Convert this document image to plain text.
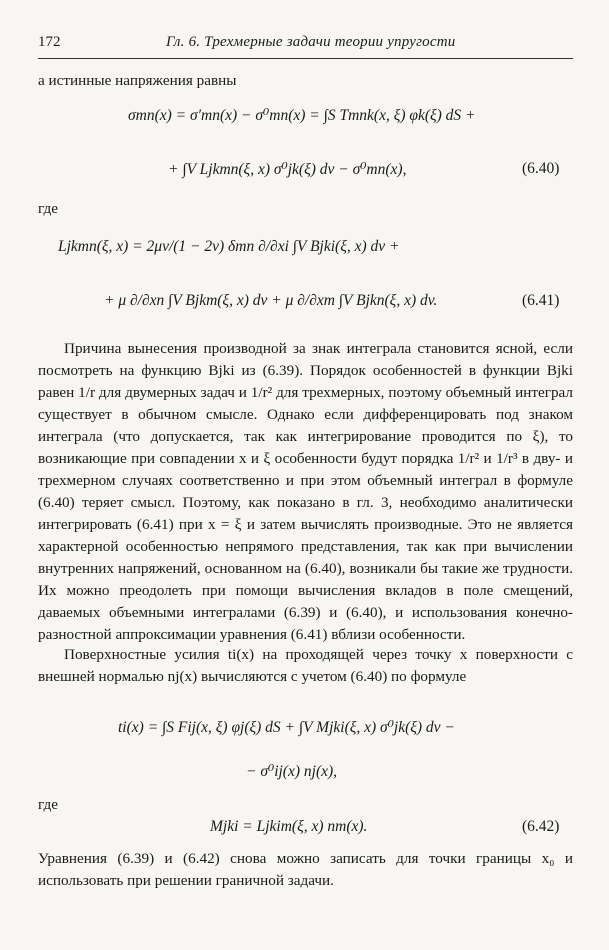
172	Гл. 6. Трехмерные задачи теории упругости
а истинные напряжения равны
σmn(x) = σ′mn(x) − σ⁰mn(x) = ∫S Tmnk(x, ξ) φk(ξ) dS +
+ ∫V Ljkmn(ξ, x) σ⁰jk(ξ) dv − σ⁰mn(x),	(6.40)
где
Ljkmn(ξ, x) = 2μν/(1 − 2ν) δmn ∂/∂xi ∫V Bjki(ξ, x) dv +
+ μ ∂/∂xn ∫V Bjkm(ξ, x) dv + μ ∂/∂xm ∫V Bjkn(ξ, x) dv.	(6.41)
Причина вынесения производной за знак интеграла становится ясной, если посмотреть на функцию Bjki из (6.39). Порядок особенностей в функции Bjki равен 1/r для двумерных задач и 1/r² для трехмерных, поэтому объемный интеграл существует в обычном смысле. Однако если дифференцировать под знаком интеграла (что допускается, так как интегрирование проводится по ξ), то возникающие при совпадении x и ξ особенности будут порядка 1/r² и 1/r³ в дву- и трехмерном случаях соответственно и при этом объемный интеграл в формуле (6.40) теряет смысл. Поэтому, как показано в гл. 3, необходимо аналитически интегрировать (6.41) при x = ξ и затем вычислять производные. Это не является характерной особенностью непрямого представления, так как при вычислении внутренних напряжений, основанном на (6.40), возникали бы такие же трудности. Их можно преодолеть при помощи вычисления вкладов в поле смещений, даваемых объемными интегралами (6.39) и (6.40), и использования конечно-разностной аппроксимации уравнения (6.41) вблизи особенности.
Поверхностные усилия ti(x) на проходящей через точку x поверхности с внешней нормалью nj(x) вычисляются с учетом (6.40) по формуле
ti(x) = ∫S Fij(x, ξ) φj(ξ) dS + ∫V Mjki(ξ, x) σ⁰jk(ξ) dv −
− σ⁰ij(x) nj(x),
где
Mjki = Ljkim(ξ, x) nm(x).	(6.42)
Уравнения (6.39) и (6.42) снова можно записать для точки границы x₀ и использовать при решении граничной задачи.
